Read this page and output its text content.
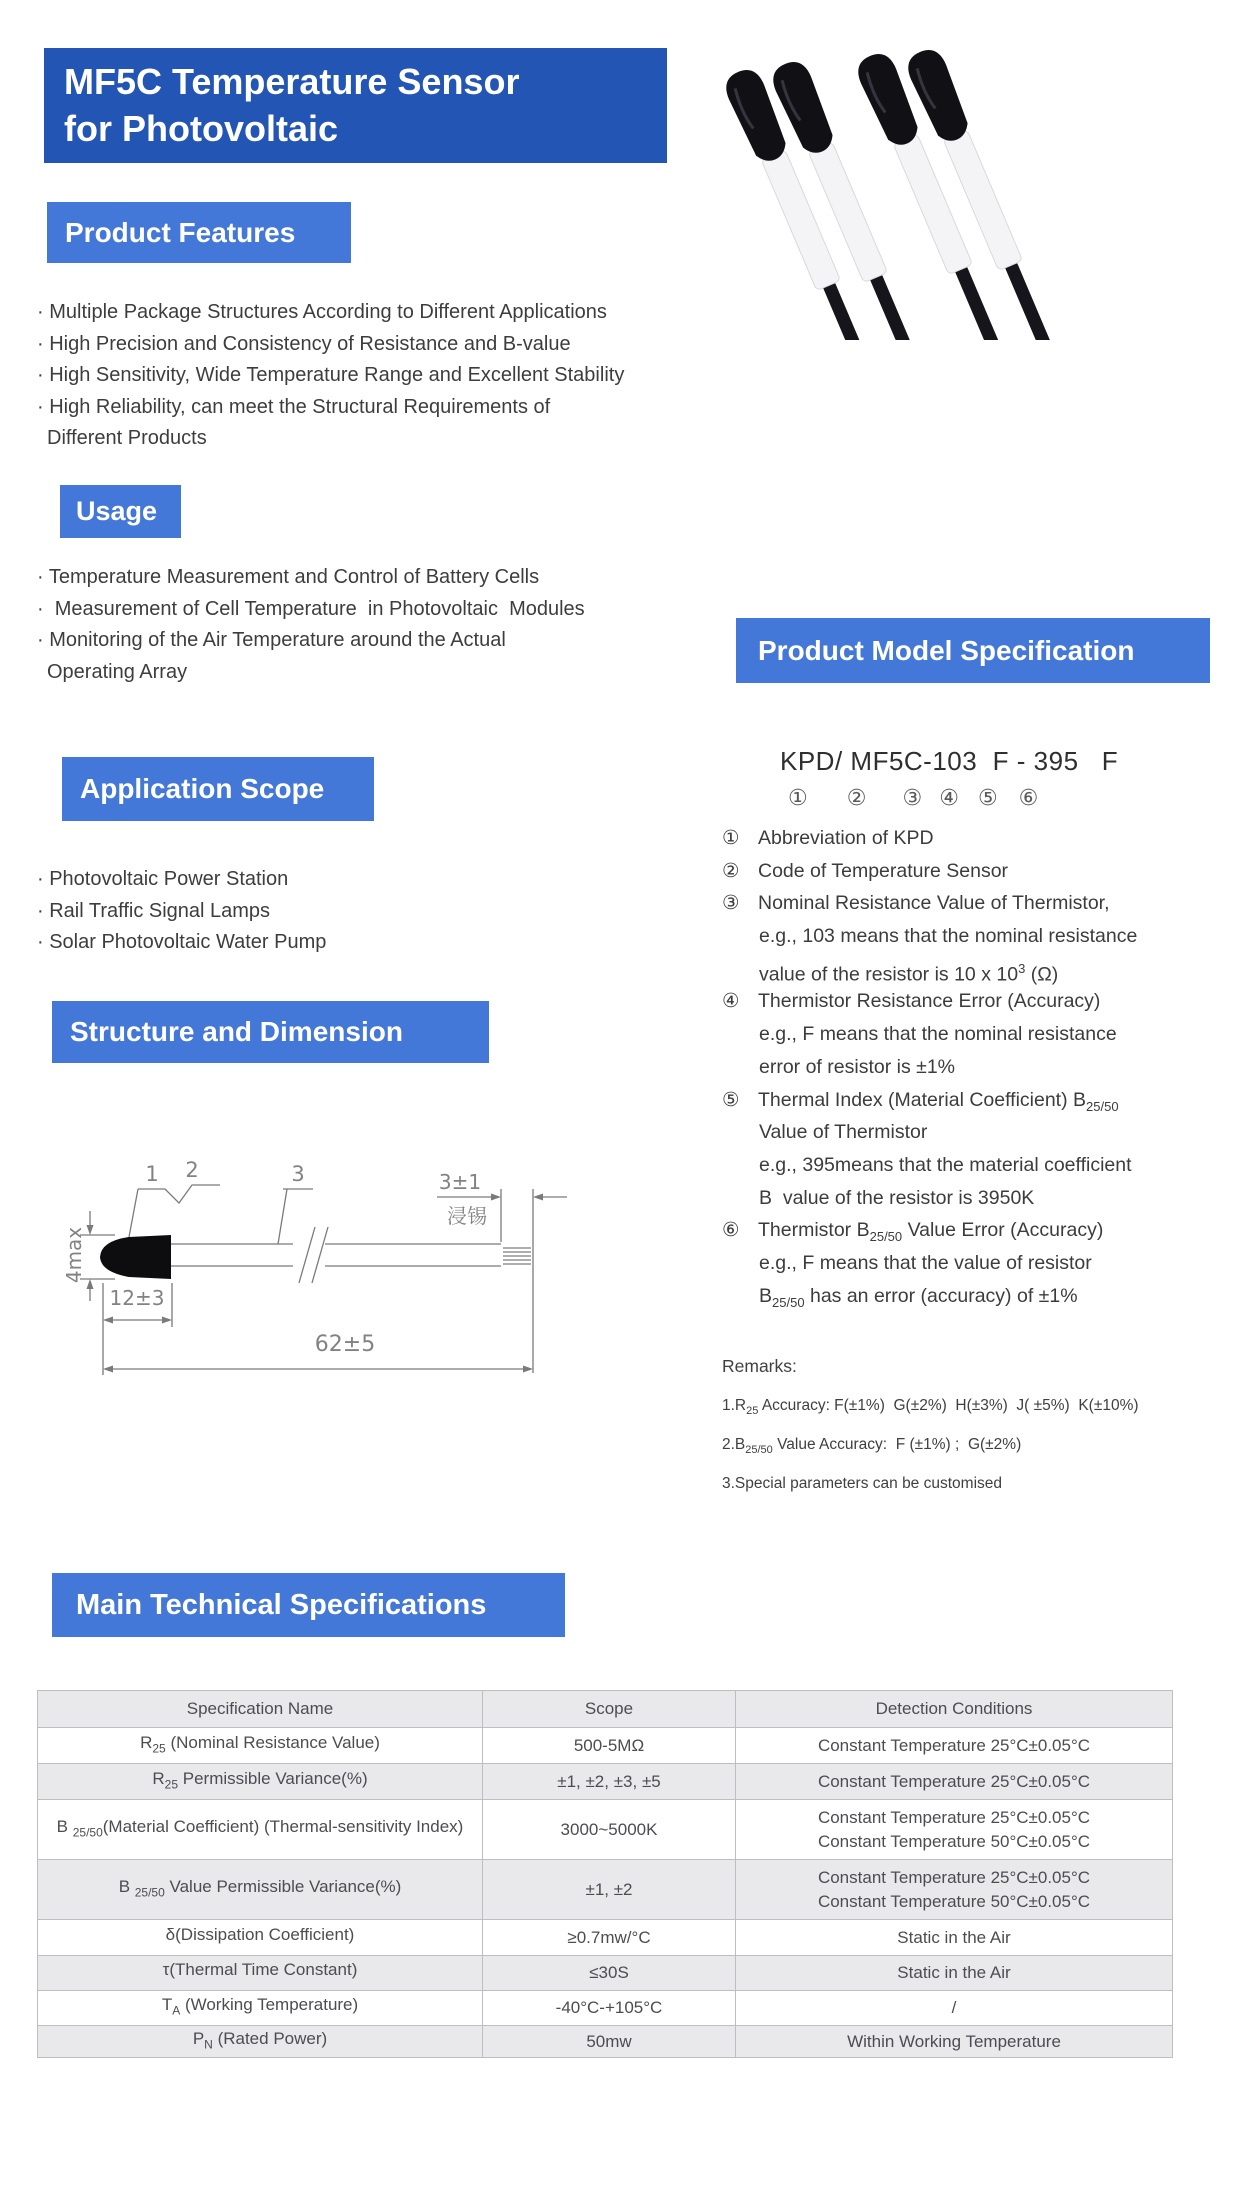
MF5C Temperature Sensor
for Photovoltaic
Product Features
· Multiple Package Structures According to Different Applications
· High Precision and Consistency of Resistance and B-value
· High Sensitivity, Wide Temperature Range and Excellent Stability
· High Reliability, can meet the Structural Requirements of
Different Products
Usage
· Temperature Measurement and Control of Battery Cells
·  Measurement of Cell Temperature  in Photovoltaic  Modules
· Monitoring of the Air Temperature around the Actual
Operating Array
Application Scope
· Photovoltaic Power Station
· Rail Traffic Signal Lamps
· Solar Photovoltaic Water Pump
Structure and Dimension
1 2	3	3±1
浸锡
4max
12±3
62±5
Product Model Specification
KPD/ MF5C-103  F - 395   F
① ② ③ ④ ⑤ ⑥
① Abbreviation of KPD
② Code of Temperature Sensor
③ Nominal Resistance Value of Thermistor,
e.g., 103 means that the nominal resistance
value of the resistor is 10 x $10^3$ (Ω)
④ Thermistor Resistance Error (Accuracy)
e.g., F means that the nominal resistance
error of resistor is ±1%
⑤ Thermal Index (Material Coefficient) $B_{25/50}$
Value of Thermistor
e.g., 395means that the material coefficient
B  value of the resistor is 3950K
⑥ Thermistor $B_{25/50}$ Value Error (Accuracy)
e.g., F means that the value of resistor
$B_{25/50}$ has an error (accuracy) of ±1%
Remarks:
$1.R_{25}$ Accuracy: F(±1%)  G(±2%)  H(±3%)  J( ±5%)  K(±10%)
$2.B_{25/50}$ Value Accuracy:  F (±1%) ;  G(±2%)
3.Special parameters can be customised
Main Technical Specifications
Specification Name	Scope	Detection Conditions
$R_{25}$ (Nominal Resistance Value)	500-5MΩ	Constant Temperature 25°C±0.05°C

$R_{25}$ Permissible Variance(%)	±1, ±2, ±3, ±5	Constant Temperature 25°C±0.05°C

B $_{25/50}$(Material Coefficient) (Thermal-sensitivity Index)	3000~5000K	Constant Temperature 25°C±0.05°C
Constant Temperature 50°C±0.05°C

B $_{25/50}$ Value Permissible Variance(%)	±1, ±2	Constant Temperature 25°C±0.05°C
Constant Temperature 50°C±0.05°C

δ(Dissipation Coefficient)	≥0.7mw/°C	Static in the Air

τ(Thermal Time Constant)	≤30S	Static in the Air

$T_A$ (Working Temperature)	-40°C-+105°C	/

$P_N$ (Rated Power)	50mw	Within Working Temperature
